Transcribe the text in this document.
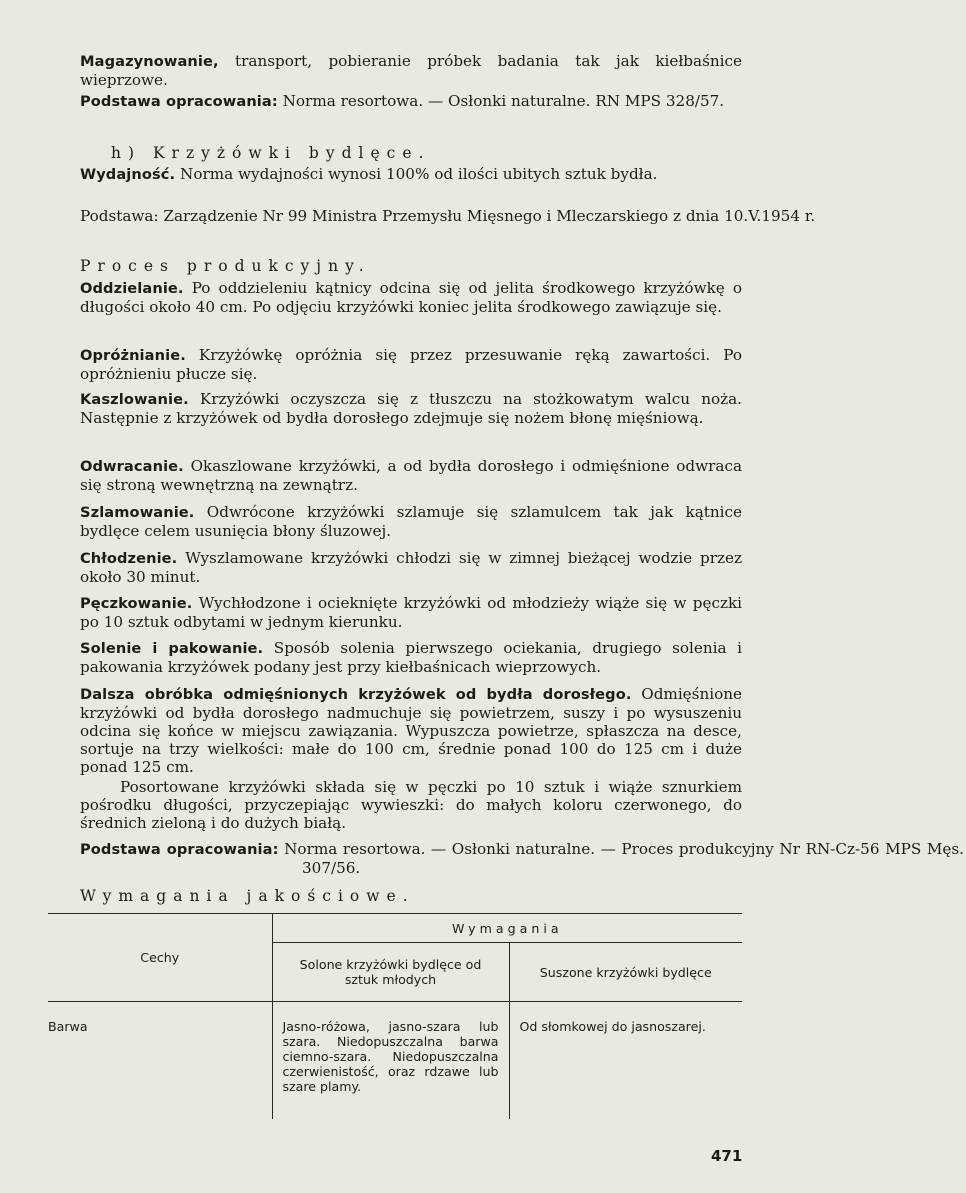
Magazynowanie, transport, pobieranie próbek badania tak jak kiełbaśnice wieprzowe.

Podstawa opracowania: Norma resortowa. — Osłonki naturalne. RN MPS 328/57.

h) Krzyżówki bydlęce.

Wydajność. Norma wydajności wynosi 100% od ilości ubitych sztuk bydła.

Podstawa: Zarządzenie Nr 99 Ministra Przemysłu Mięsnego i Mleczarskiego z dnia 10.V.1954 r.

Proces produkcyjny.

Oddzielanie. Po oddzieleniu kątnicy odcina się od jelita środkowego krzyżówkę o długości około 40 cm. Po odjęciu krzyżówki koniec jelita środkowego zawiązuje się.

Opróżnianie. Krzyżówkę opróżnia się przez przesuwanie ręką zawartości. Po opróżnieniu płucze się.

Kaszlowanie. Krzyżówki oczyszcza się z tłuszczu na stożkowatym walcu noża. Następnie z krzyżówek od bydła dorosłego zdejmuje się nożem błonę mięśniową.

Odwracanie. Okaszlowane krzyżówki, a od bydła dorosłego i odmięśnione odwraca się stroną wewnętrzną na zewnątrz.

Szlamowanie. Odwrócone krzyżówki szlamuje się szlamulcem tak jak kątnice bydlęce celem usunięcia błony śluzowej.

Chłodzenie. Wyszlamowane krzyżówki chłodzi się w zimnej bieżącej wodzie przez około 30 minut.

Pęczkowanie. Wychłodzone i ocieknięte krzyżówki od młodzieży wiąże się w pęczki po 10 sztuk odbytami w jednym kierunku.

Solenie i pakowanie. Sposób solenia pierwszego ociekania, drugiego solenia i pakowania krzyżówek podany jest przy kiełbaśnicach wieprzowych.

Dalsza obróbka odmięśnionych krzyżówek od bydła dorosłego. Odmięśnione krzyżówki od bydła dorosłego nadmuchuje się powietrzem, suszy i po wysuszeniu odcina się końce w miejscu zawiązania. Wypuszcza powietrze, spłaszcza na desce, sortuje na trzy wielkości: małe do 100 cm, średnie ponad 100 do 125 cm i duże ponad 125 cm.

Posortowane krzyżówki składa się w pęczki po 10 sztuk i wiąże sznurkiem pośrodku długości, przyczepiając wywieszki: do małych koloru czerwonego, do średnich zieloną i do dużych białą.

Podstawa opracowania: Norma resortowa. — Osłonki naturalne. — Proces produkcyjny Nr RN-Cz-56 MPS Męs. 307/56.

Wymagania jakościowe.

Cechy	Wymagania	
	Solone krzyżówki bydlęce od sztuk młodych	Suszone krzyżówki bydlęce
Barwa	Jasno-różowa, jasno-szara lub szara. Niedopuszczalna barwa ciemno-szara. Niedopuszczalna czerwienistość, oraz rdzawe lub szare plamy.	Od słomkowej do jasnoszarej.
471
